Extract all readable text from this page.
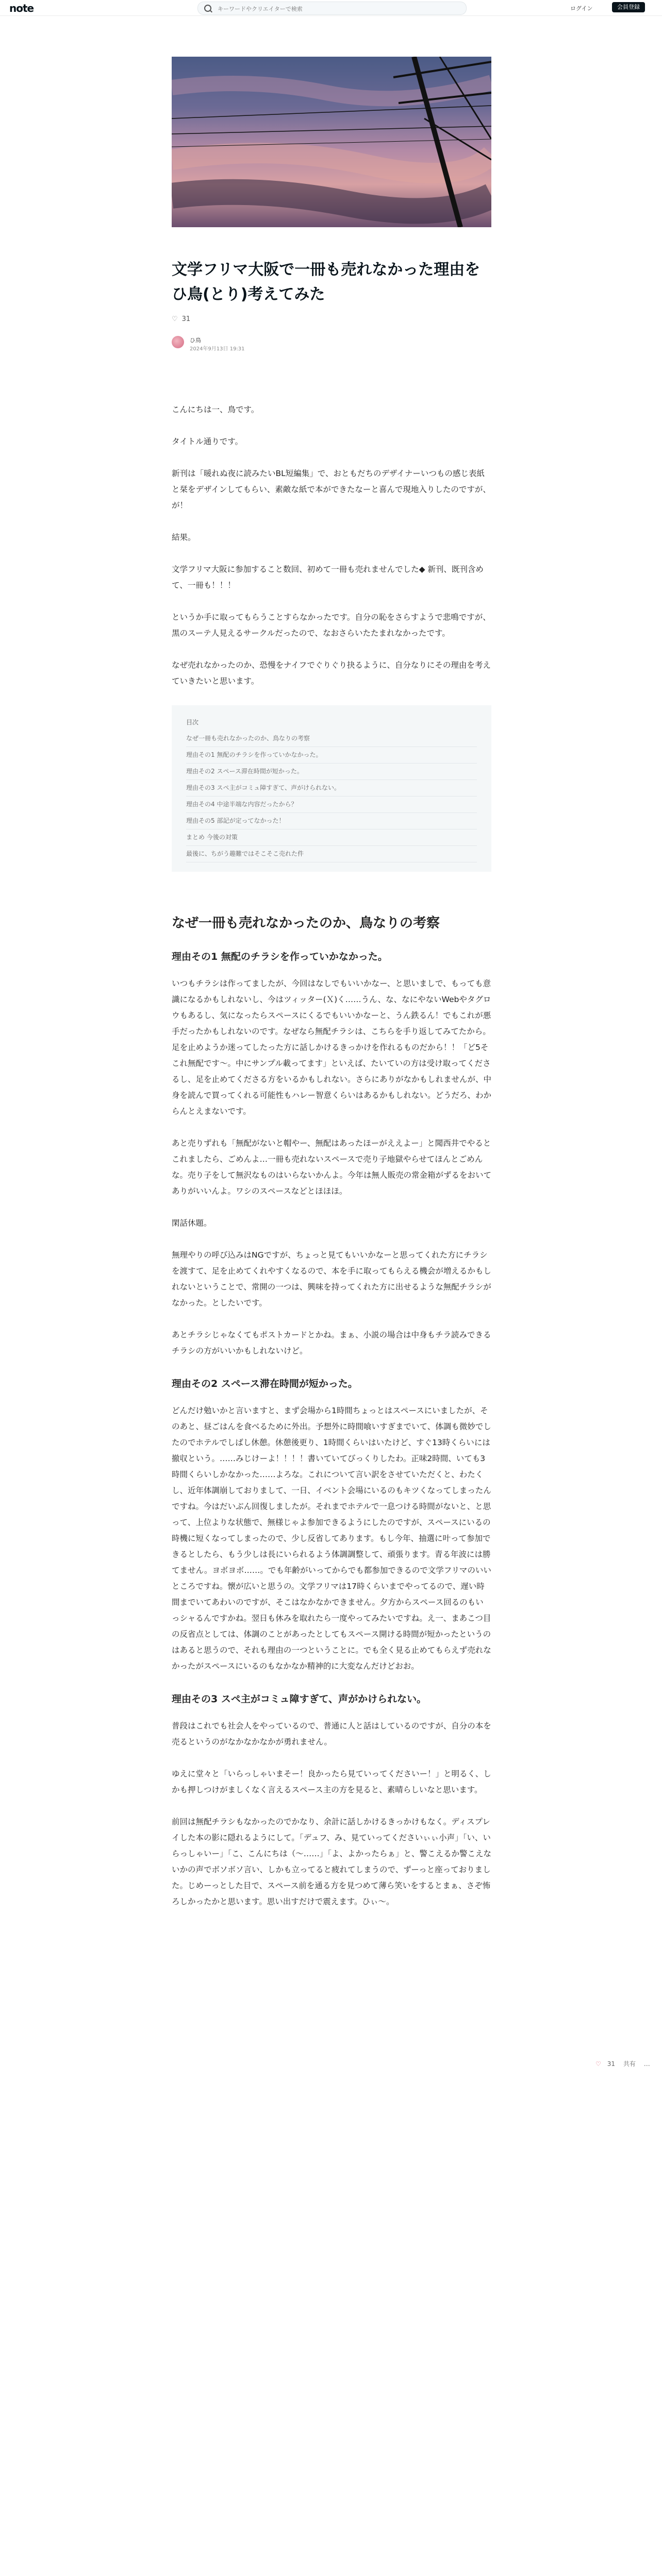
note
キーワードやクリエイターで検索	ログイン	会員登録
文学フリマ大阪で一冊も売れなかった理由をひ鳥(とり)考えてみた
♡ 31
ひ鳥
2024年9月13日 19:31

こんにちは一、鳥です。

タイトル通りです。

新刊は「暖れぬ夜に読みたいBL短編集」で、おともだちのデザイナーいつもの感じ表紙と栞をデザインしてもらい、素敵な紙で本ができたなーと喜んで現地入りしたのですが、が！

結果。

文学フリマ大阪に参加すること数回、初めて一冊も売れませんでした◆ 新刊、既刊含めて、一冊も！！！

というか手に取ってもらうことすらなかったです。自分の恥をさらすようで悲鳴ですが、黒のスーテ人見えるサークルだったので、なおさらいたたまれなかったです。

なぜ売れなかったのか、恐慢をナイフでぐりぐり抉るように、自分なりにその理由を考えていきたいと思います。

目次
なぜ一冊も売れなかったのか、鳥なりの考察
理由その1 無配のチラシを作っていかなかった。
理由その2 スペース滞在時間が短かった。
理由その3 スペ主がコミュ障すぎて、声がけられない。
理由その4 中途半端な内容だったから？
理由その5 部記が定ってなかった！
まとめ 今後の対策
最後に、ちがう趣難ではそこそこ売れた件
なぜ一冊も売れなかったのか、鳥なりの考察
理由その1 無配のチラシを作っていかなかった。

いつもチラシは作ってましたが、今回はなしでもいいかなー、と思いましで、もっても意識になるかもしれないし、今はツィッター(Ｘ)く……うん、な、なにやないWebやタグロウもあるし、気になったらスペースにくるでもいいかなーと、うん鉄るん！でもこれが悪手だったかもしれないのです。なぜなら無配チラシは、こちらを手り返してみてたから。足を止めようか迷ってしたった方に話しかけるきっかけを作れるものだから！！「ど5そこれ無配です〜。中にサンプル載ってます」といえば、たいていの方は受け取ってくださるし、足を止めてくださる方をいるかもしれない。さらにありがなかもしれませんが、中身を読んで買ってくれる可能性もハレー智意くらいはあるかもしれない。どうだろ、わからんとえまないです。

あと売りずれも「無配がないと帽やー、無配はあったほーがええよー」と聞西井でやるとこれましたら、ごめんよ…一冊も売れないスペースで売り子地獄やらせてほんとごめんな。売り子をして無沢なものはいらないかんよ。今年は無人販売の常金箱がずるをおいてありがいいんよ。ワシのスペースなどとほほほ。

閑話休題。

無理やりの呼び込みはNGですが、ちょっと見てもいいかなーと思ってくれた方にチラシを渡すて、足を止めてくれやすくなるので、本を手に取ってもらえる機会が増えるかもしれないということで、常開の一つは、興味を持ってくれた方に出せるような無配チラシがなかった。としたいです。

あとチラシじゃなくてもポストカードとかね。まぁ、小説の場合は中身もチラ読みできるチラシの方がいいかもしれないけど。

理由その2 スペース滞在時間が短かった。

どんだけ勉いかと言いますと、まず会場から1時間ちょっとはスペースにいましたが、そのあと、昼ごはんを食べるために外出。予想外に時間喰いすぎまでいて、体調も微妙でしたのでホテルでしばし休憩。休憩後更り、1時間くらいはいたけど、すぐ13時くらいには撤収という。……みじけーよ！！！！書いていてびっくりしたわ。正味2時間、いても3時間くらいしかなかった……よろな。これについて言い訳をさせていただくと、わたくし、近年体調崩しておりまして、一日、イベント会場にいるのもキツくなってしまったんですね。今はだいぶん回復しましたが。それまでホテルで一息つける時間がないと、と思って、上位よりな状態で、無様じゃよ参加できるようにしたのですが、スペースにいるの時機に短くなってしまったので、少し反省してあります。もし今年、抽選に叶って参加できるとしたら、もう少しは長にいられるよう体調調整して、頑張ります。青る年波には勝てません。ヨボヨボ……。でも年齢がいってからでも都参加できるので文学フリマのいいところですね。懐が広いと思うの。文学フリマは17時くらいまでやってるので、遅い時間までいてあわいのですが、そこはなかなかできません。夕方からスペース回るのもいっシャるんですかね。翌日も休みを取れたら一度やってみたいですね。え一、まあこつ目の反省点としては、体調のことがあったとしてもスペース開ける時間が短かったというのはあると思うので、それも理由の一つということに。でも全く見る止めてもらえず売れなかったがスペースにいるのもなかなか精神的に大変なんだけどおお。

理由その3 スペ主がコミュ障すぎて、声がかけられない。

普段はこれでも社会人をやっているので、普通に人と話はしているのですが、自分の本を売るというのがなかなかなかが勇れません。

ゆえに堂々と「いらっしゃいまそー！良かったら見ていってくださいー！」と明るく、しかも押しつけがましくなく言えるスペース主の方を見ると、素晴らしいなと思います。

前回は無配チラシもなかったのでかなり、余計に話しかけるきっかけもなく。ディスプレイした本の影に隠れるようにして。「デュフ、み、見ていってくださいぃぃ小声」「い、いらっしゃいー」「こ、こんにちは（〜……」「よ、よかったらぁ」と、警こえるか警こえないかの声でボソボソ言い、しかも立ってると疲れてしまうので、ずーっと座っておりました。じめーっとした目で、スペース前を通る方を見つめて薄ら笑いをするとまぁ、さぞ怖ろしかったかと思います。思い出すだけで震えます。ひぃ〜。

♡ 31 共有 …
